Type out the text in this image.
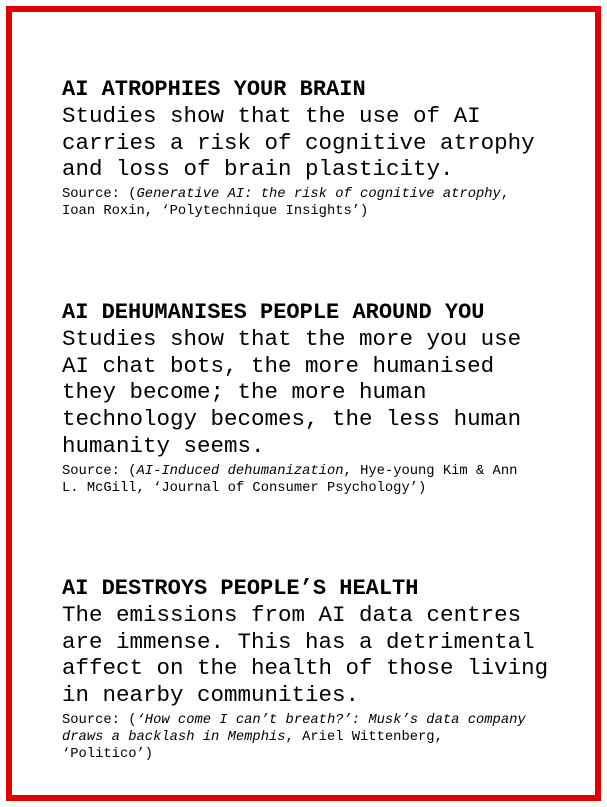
AI ATROPHIES YOUR BRAIN

Studies show that the use of AI
carries a risk of cognitive atrophy
and loss of brain plasticity.

Source: (Generative AI: the risk of cognitive atrophy,
Ioan Roxin, ‘Polytechnique Insights’)

AI DEHUMANISES PEOPLE AROUND YOU

Studies show that the more you use
AI chat bots, the more humanised
they become; the more human
technology becomes, the less human
humanity seems.

Source: (AI-Induced dehumanization, Hye-young Kim & Ann
L. McGill, ‘Journal of Consumer Psychology’)

AI DESTROYS PEOPLE’S HEALTH

The emissions from AI data centres
are immense. This has a detrimental
affect on the health of those living
in nearby communities.

Source: (‘How come I can’t breath?’: Musk’s data company
draws a backlash in Memphis, Ariel Wittenberg,
‘Politico’)
